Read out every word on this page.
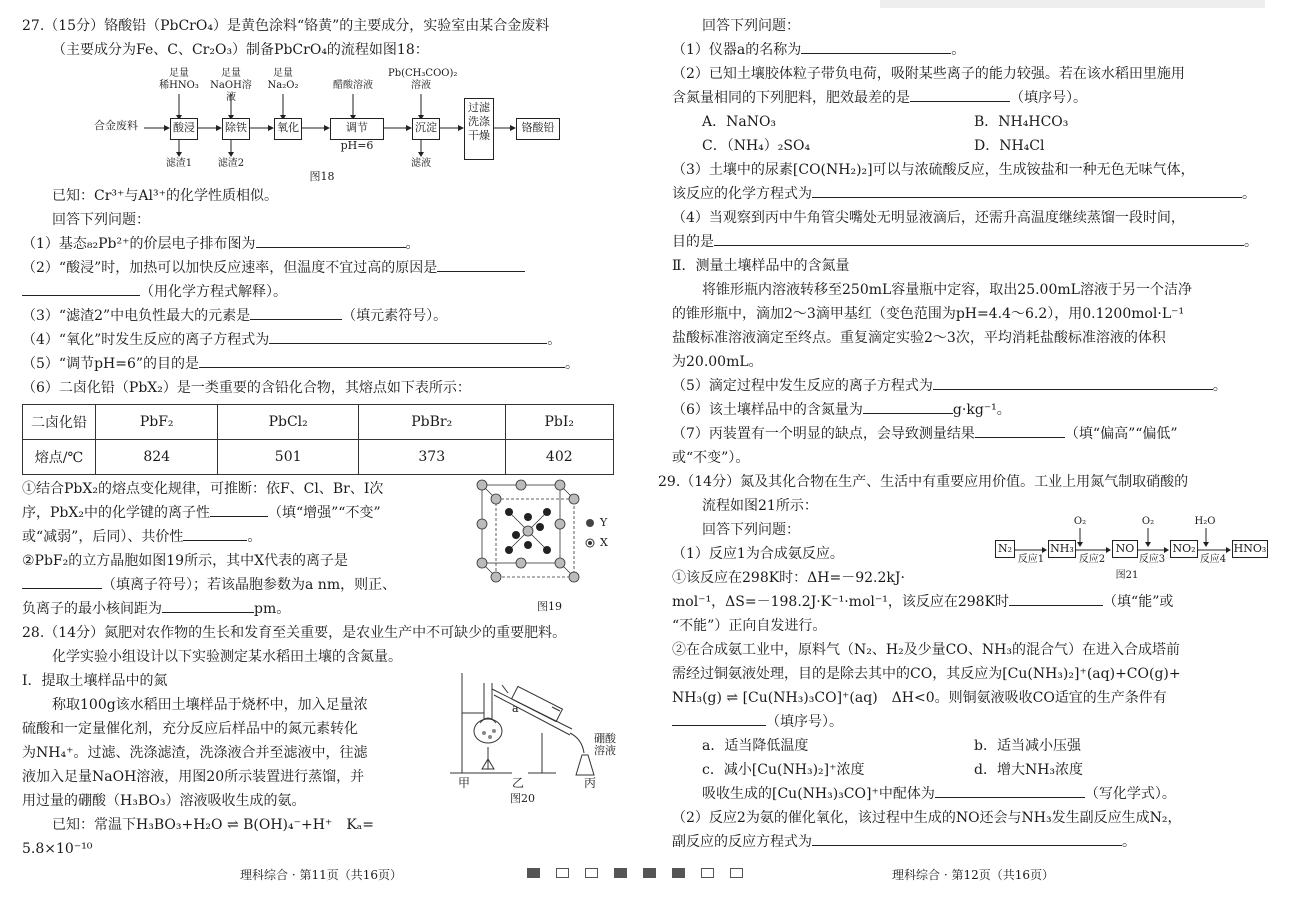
27.（15分）铬酸铅（PbCrO₄）是黄色涂料“铬黄”的主要成分，实验室由某合金废料
（主要成分为Fe、C、Cr₂O₃）制备PbCrO₄的流程如图18：
合金废料	酸浸	除铁	氧化	调节pH=6
沉淀
过滤
洗涤
干燥
铬酸铅
足量
稀HNO₃
足量
NaOH溶液
足量
Na₂O₂	醋酸溶液
Pb(CH₃COO)₂
溶液
滤渣1	滤渣2	滤液
图18
已知：Cr³⁺与Al³⁺的化学性质相似。
回答下列问题：
（1）基态₈₂Pb²⁺的价层电子排布图为	。
（2）“酸浸”时，加热可以加快反应速率，但温度不宜过高的原因是
（用化学方程式解释）。
（3）“滤渣2”中电负性最大的元素是	（填元素符号）。
（4）“氧化”时发生反应的离子方程式为	。
（5）“调节pH=6”的目的是	。
（6）二卤化铅（PbX₂）是一类重要的含铅化合物，其熔点如下表所示：
二卤化铅	PbF₂	PbCl₂	PbBr₂	PbI₂
熔点/℃	824	501	373	402
①结合PbX₂的熔点变化规律，可推断：依F、Cl、Br、I次
序，PbX₂中的化学键的离子性	（填“增强”“不变”
或“减弱”，后同）、共价性	。
②PbF₂的立方晶胞如图19所示，其中X代表的离子是
（填离子符号）；若该晶胞参数为a nm，则正、
负离子的最小核间距为	pm。
Y
X
图19
28.（14分）氮肥对农作物的生长和发育至关重要，是农业生产中不可缺少的重要肥料。
化学实验小组设计以下实验测定某水稻田土壤的含氮量。
Ⅰ．提取土壤样品中的氮
称取100g该水稻田土壤样品于烧杯中，加入足量浓
硫酸和一定量催化剂，充分反应后样品中的氮元素转化
为NH₄⁺。过滤、洗涤滤渣，洗涤液合并至滤液中，往滤
液加入足量NaOH溶液，用图20所示装置进行蒸馏，并
用过量的硼酸（H₃BO₃）溶液吸收生成的氨。
已知：常温下H₃BO₃+H₂O ⇌ B(OH)₄⁻+H⁺　Kₐ=
5.8×10⁻¹⁰
a
硼酸
溶液
甲	乙	丙
图20
理科综合 · 第11页（共16页）
回答下列问题：
（1）仪器a的名称为	。
（2）已知土壤胶体粒子带负电荷，吸附某些离子的能力较强。若在该水稻田里施用
含氮量相同的下列肥料，肥效最差的是	（填序号）。
A．NaNO₃	B．NH₄HCO₃
C．（NH₄）₂SO₄	D．NH₄Cl
（3）土壤中的尿素[CO(NH₂)₂]可以与浓硫酸反应，生成铵盐和一种无色无味气体，
该反应的化学方程式为	。
（4）当观察到丙中牛角管尖嘴处无明显液滴后，还需升高温度继续蒸馏一段时间，
目的是	。
Ⅱ．测量土壤样品中的含氮量
将锥形瓶内溶液转移至250mL容量瓶中定容，取出25.00mL溶液于另一个洁净
的锥形瓶中，滴加2～3滴甲基红（变色范围为pH=4.4～6.2），用0.1200mol·L⁻¹
盐酸标准溶液滴定至终点。重复滴定实验2～3次，平均消耗盐酸标准溶液的体积
为20.00mL。
（5）滴定过程中发生反应的离子方程式为	。
（6）该土壤样品中的含氮量为	g·kg⁻¹。
（7）丙装置有一个明显的缺点，会导致测量结果	（填“偏高”“偏低”
或“不变”）。
29.（14分）氮及其化合物在生产、生活中有重要应用价值。工业上用氮气制取硝酸的
流程如图21所示：
回答下列问题：
（1）反应1为合成氨反应。
①该反应在298K时：ΔH=－92.2kJ·
N₂	NH₃	NO	NO₂	HNO₃
反应1	反应2	反应3	反应4
O₂	O₂	H₂O
图21
mol⁻¹，ΔS=－198.2J·K⁻¹·mol⁻¹，该反应在298K时	（填“能”或
“不能”）正向自发进行。
②在合成氨工业中，原料气（N₂、H₂及少量CO、NH₃的混合气）在进入合成塔前
需经过铜氨液处理，目的是除去其中的CO，其反应为[Cu(NH₃)₂]⁺(aq)+CO(g)+
NH₃(g) ⇌ [Cu(NH₃)₃CO]⁺(aq)　ΔH<0。则铜氨液吸收CO适宜的生产条件有
（填序号）。
a．适当降低温度	b．适当减小压强
c．减小[Cu(NH₃)₂]⁺浓度	d．增大NH₃浓度
吸收生成的[Cu(NH₃)₃CO]⁺中配体为	（写化学式）。
（2）反应2为氨的催化氧化，该过程中生成的NO还会与NH₃发生副反应生成N₂，
副反应的反应方程式为	。
理科综合 · 第12页（共16页）
